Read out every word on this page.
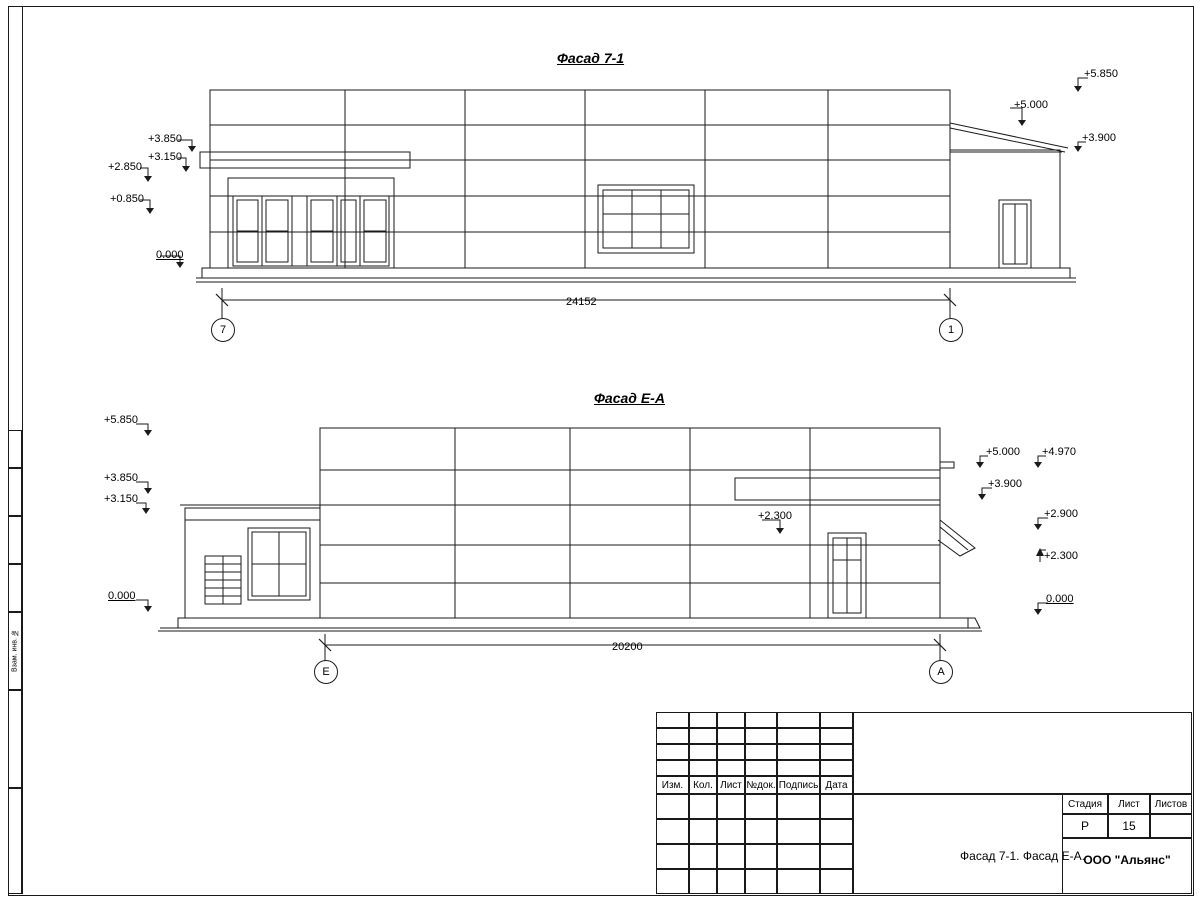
Фасад 7-1
+3.850
+3.150
+2.850
+0.850
0.000
+5.850
+5.000
+3.900
24152
7	1
Фасад Е-А
+5.850
+3.850
+3.150
0.000
+5.000 +4.970
+3.900
+2.900
+2.300
+2.300
0.000
20200
Е	А
Взам. инв. №
Изм. Кол. Лист №док. Подпись Дата
Фасад 7-1. Фасад Е-А.
Стадия	Лист	Листов
Р	15
ООО "Альянс"
